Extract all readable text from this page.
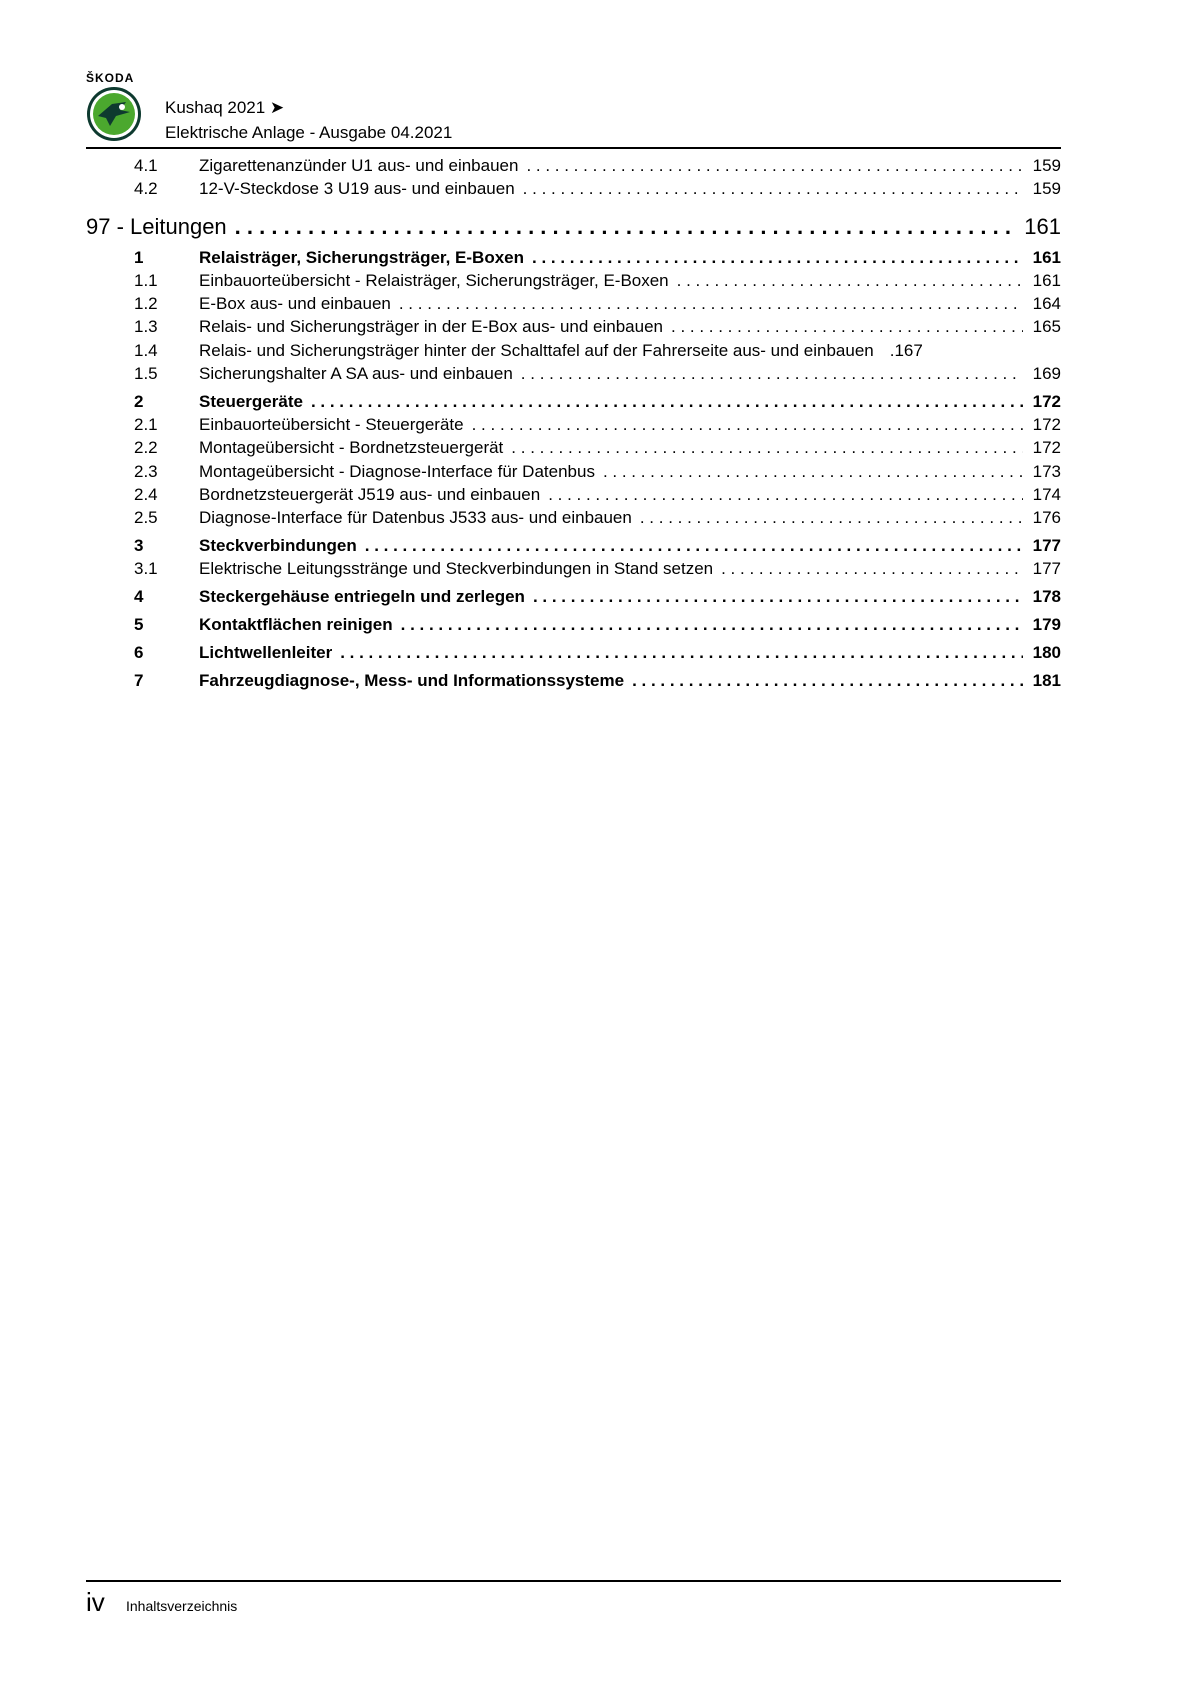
ŠKODA
Kushaq 2021 ➤
Elektrische Anlage - Ausgabe 04.2021
4.1	Zigarettenanzünder U1 aus- und einbauen . . .	159
4.2	12-V-Steckdose 3 U19 aus- und einbauen . . .	159
97 - Leitungen . . .	161
1	Relaisträger, Sicherungsträger, E-Boxen . . .	161
1.1	Einbauorteübersicht - Relaisträger, Sicherungsträger, E-Boxen . . .	161
1.2	E-Box aus- und einbauen . . .	164
1.3	Relais- und Sicherungsträger in der E-Box aus- und einbauen . . .	165
1.4	Relais- und Sicherungsträger hinter der Schalttafel auf der Fahrerseite aus- und einbauen .167
1.5	Sicherungshalter A SA aus- und einbauen . . .	169
2	Steuergeräte . . .	172
2.1	Einbauorteübersicht - Steuergeräte . . .	172
2.2	Montageübersicht - Bordnetzsteuergerät . . .	172
2.3	Montageübersicht - Diagnose-Interface für Datenbus . . .	173
2.4	Bordnetzsteuergerät J519 aus- und einbauen . . .	174
2.5	Diagnose-Interface für Datenbus J533 aus- und einbauen . . .	176
3	Steckverbindungen . . .	177
3.1	Elektrische Leitungsstränge und Steckverbindungen in Stand setzen . . .	177
4	Steckergehäuse entriegeln und zerlegen . . .	178
5	Kontaktflächen reinigen . . .	179
6	Lichtwellenleiter . . .	180
7	Fahrzeugdiagnose-, Mess- und Informationssysteme . . .	181
iv Inhaltsverzeichnis
